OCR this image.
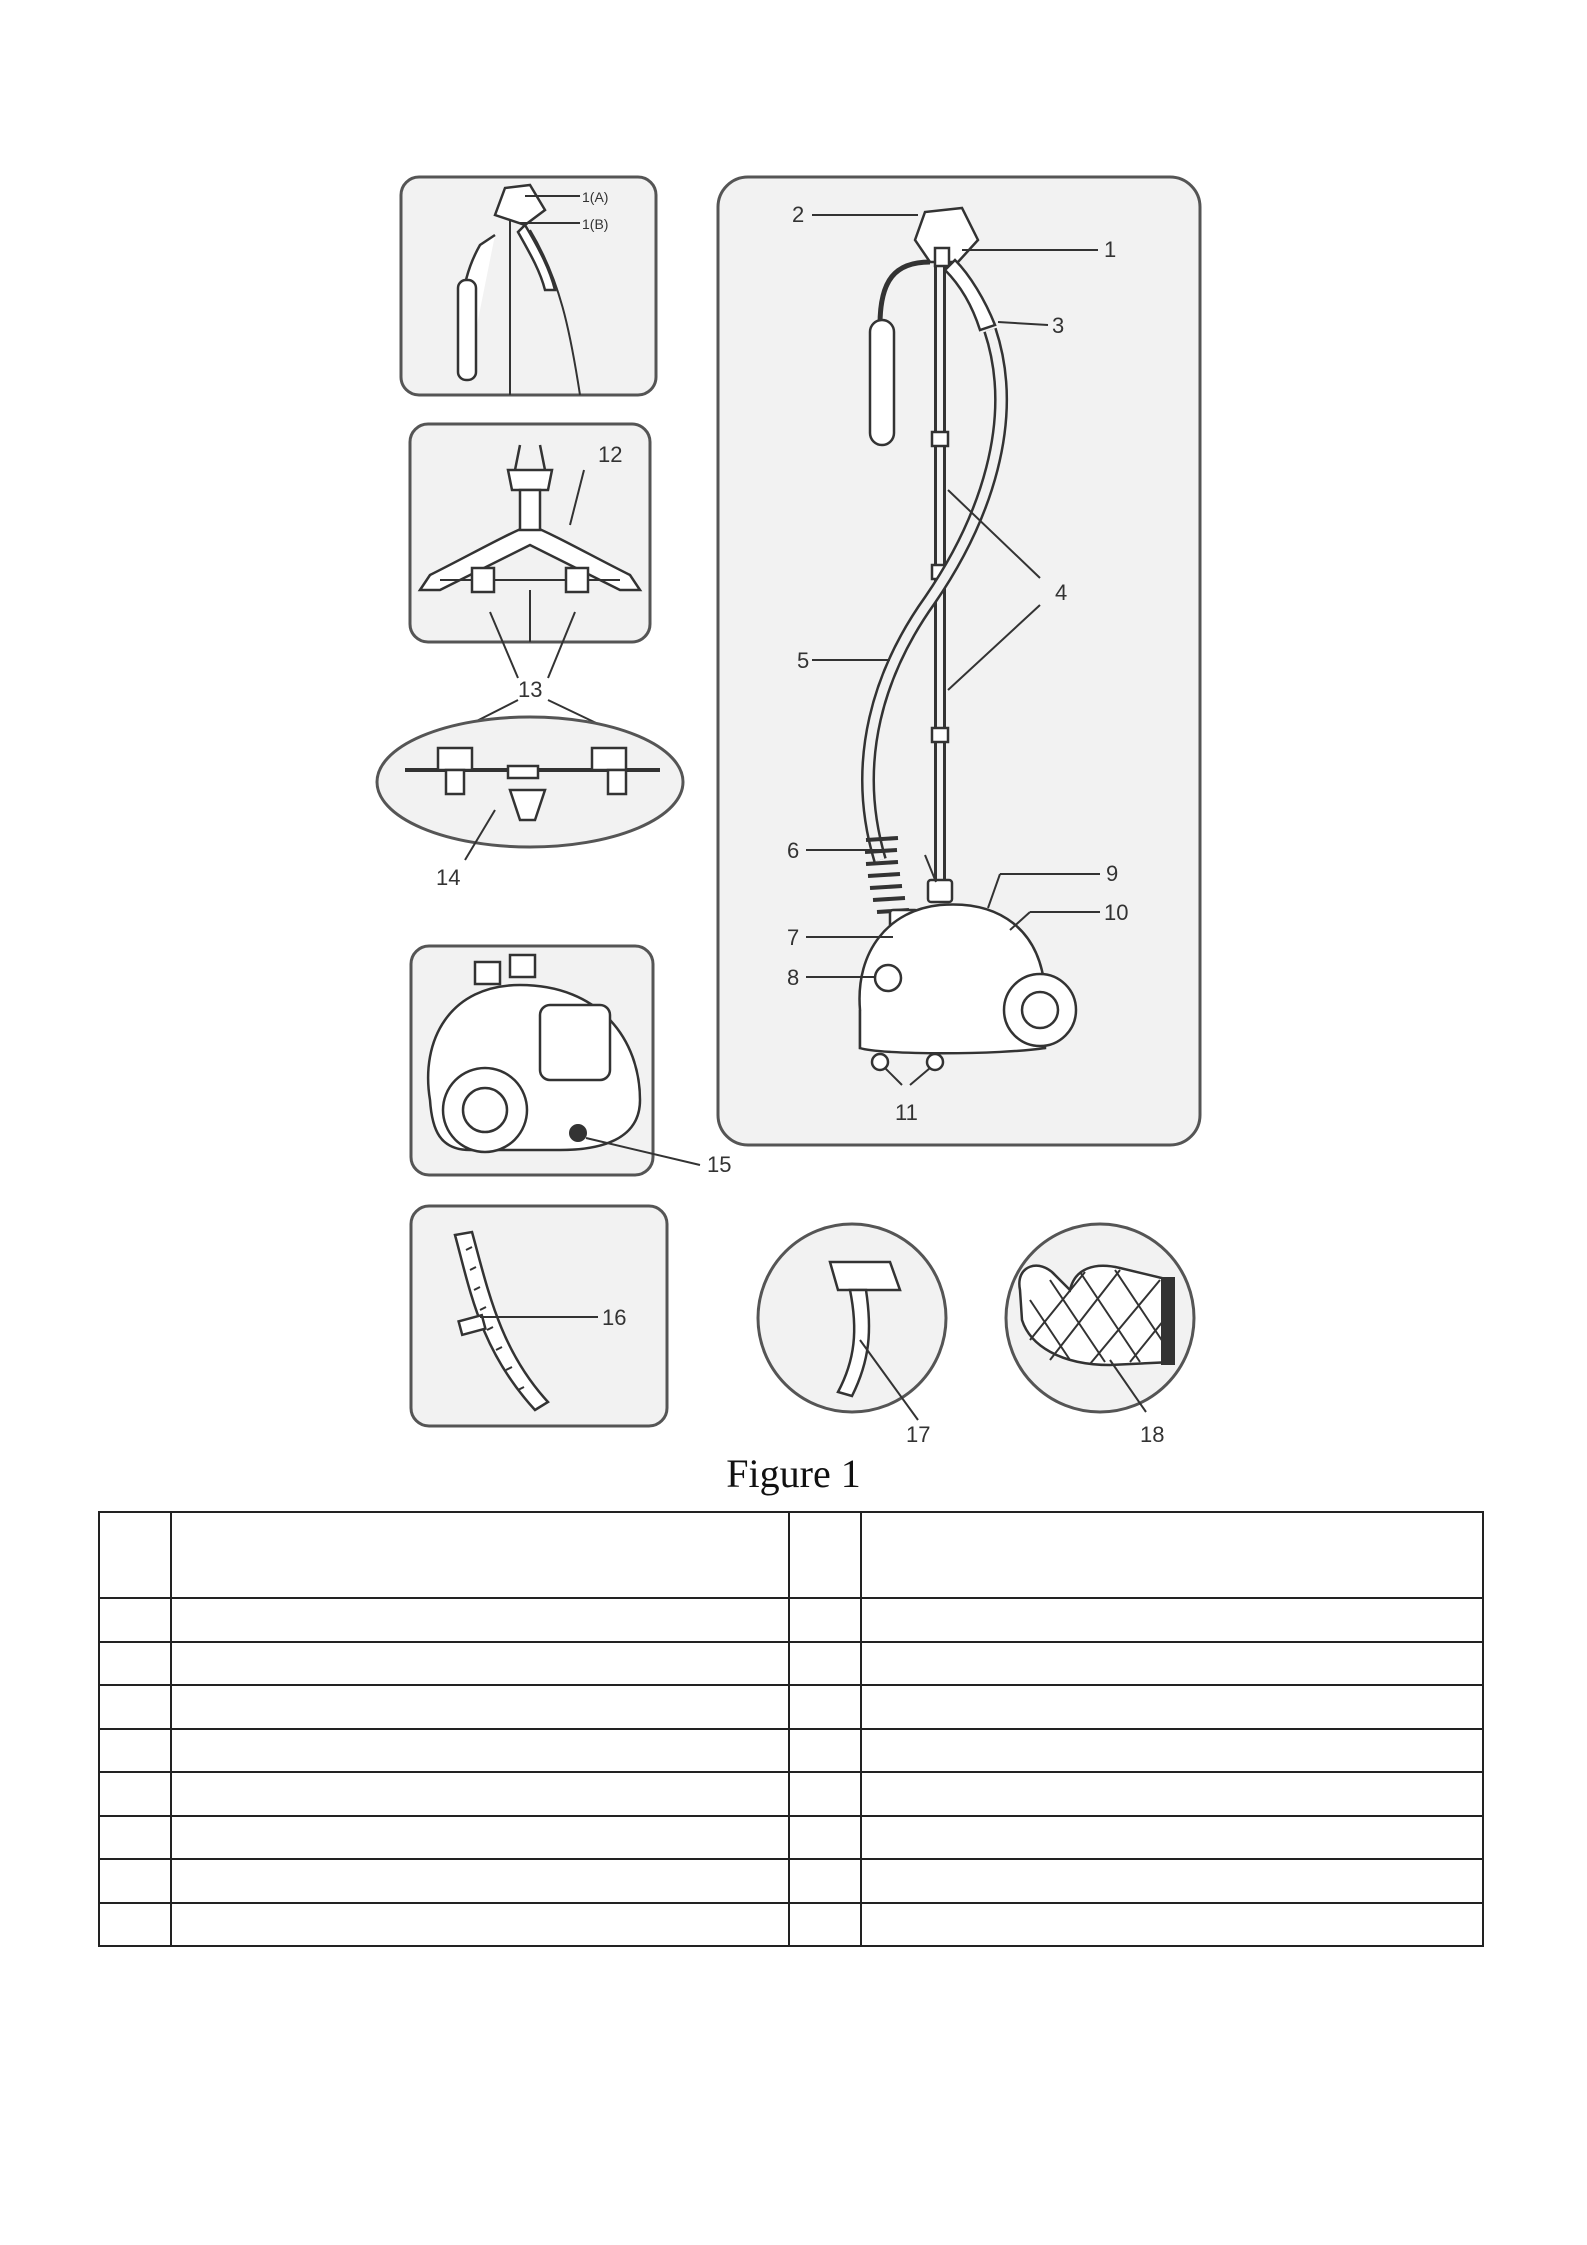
1(A)
1(B)
12
13
14
15
16
17	18
2
1
3
4
5
6
7
8
9
10
11
Figure 1
